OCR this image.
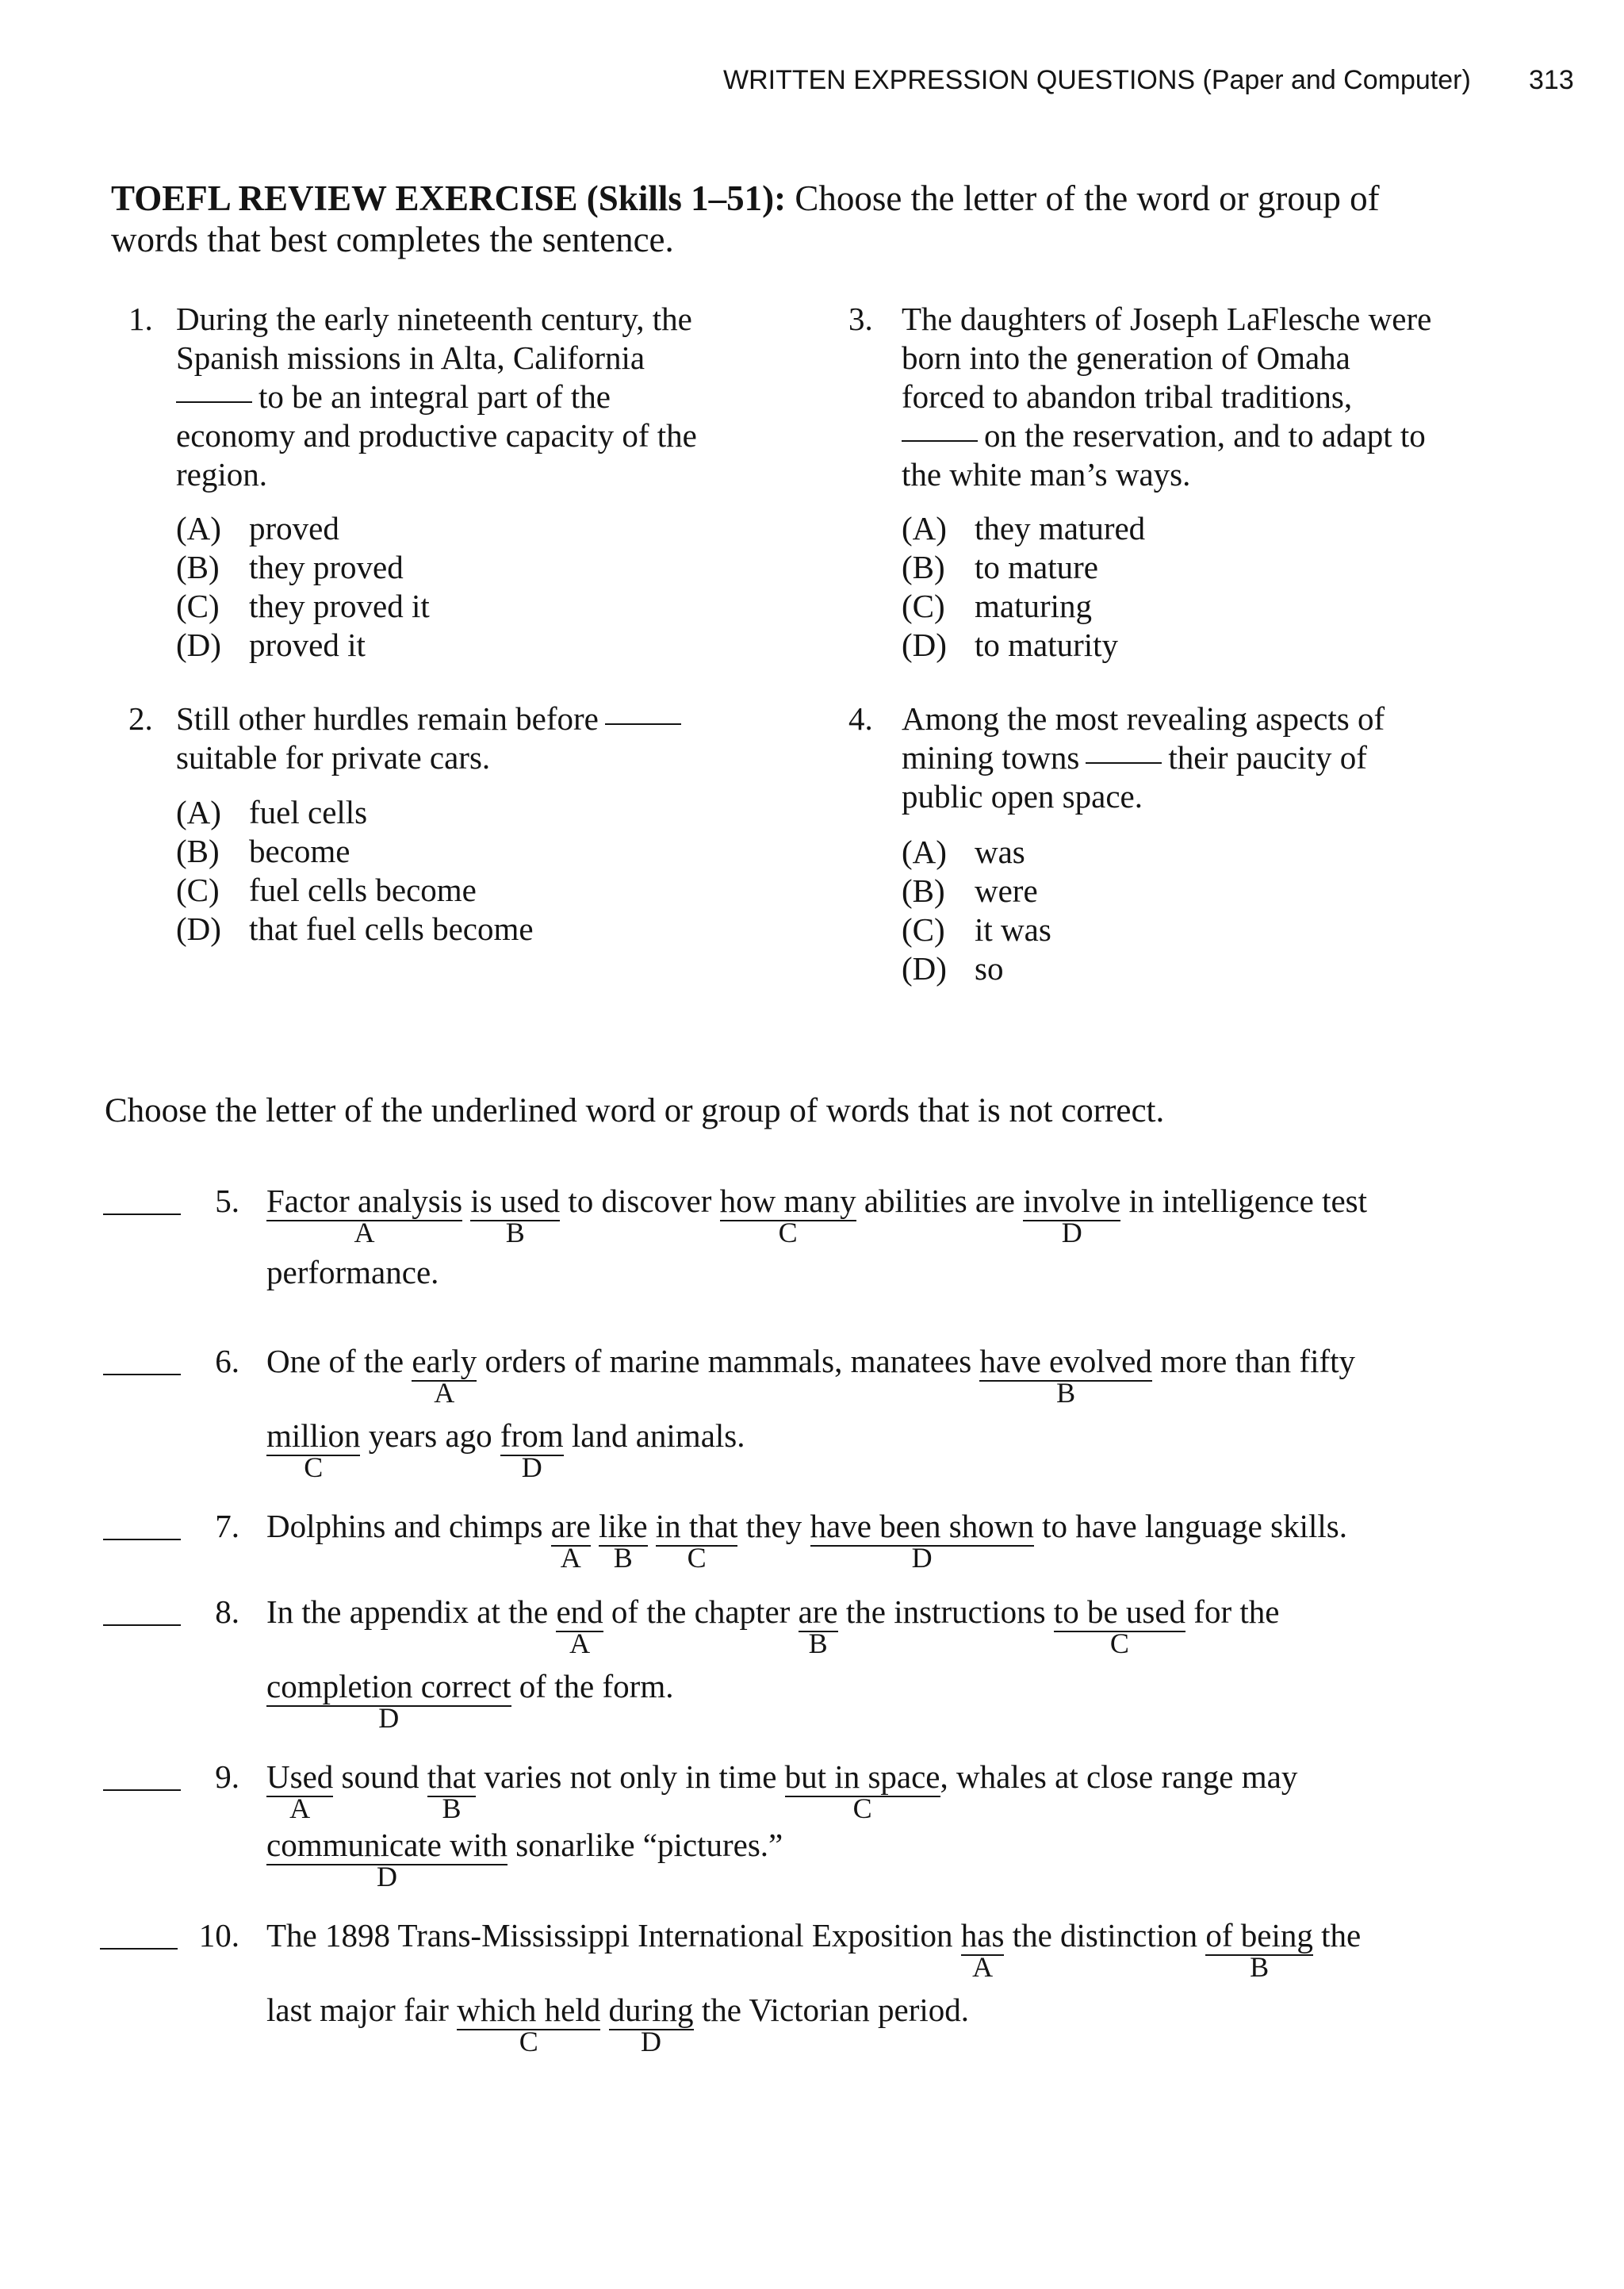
WRITTEN EXPRESSION QUESTIONS (Paper and Computer) 313
TOEFL REVIEW EXERCISE (Skills 1–51): Choose the letter of the word or group of
words that best completes the sentence.
1. During the early nineteenth century, the
Spanish missions in Alta, California
to be an integral part of the
economy and productive capacity of the
region.
(A) proved
(B) they proved
(C) they proved it
(D) proved it
2. Still other hurdles remain before
suitable for private cars.
(A) fuel cells
(B) become
(C) fuel cells become
(D) that fuel cells become
3. The daughters of Joseph LaFlesche were
born into the generation of Omaha
forced to abandon tribal traditions,
on the reservation, and to adapt to
the white man’s ways.
(A) they matured
(B) to mature
(C) maturing
(D) to maturity
4. Among the most revealing aspects of
mining towns	their paucity of
public open space.
(A) was
(B) were
(C) it was
(D) so
Choose the letter of the underlined word or group of words that is not correct.
5. Factor analysis
A
is used
B
to discover how many
C
abilities are involve
D
in intelligence test
performance.
6. One of the early
A
orders of marine mammals, manatees have evolved
B
more than fifty
million
C
years ago from
D
land animals.
7. Dolphins and chimps are
A
like
B
in that
C
they have been shown
D
to have language skills.
8. In the appendix at the end
A
of the chapter are
B
the instructions to be used
C
for the
completion correct
D
of the form.
9. Used
A
sound that
B
varies not only in time but in space
C
, whales at close range may
communicate with
D
sonarlike “pictures.”
10. The 1898 Trans-Mississippi International Exposition has
A
the distinction of being
B
the
last major fair which held
C
during
D
the Victorian period.
